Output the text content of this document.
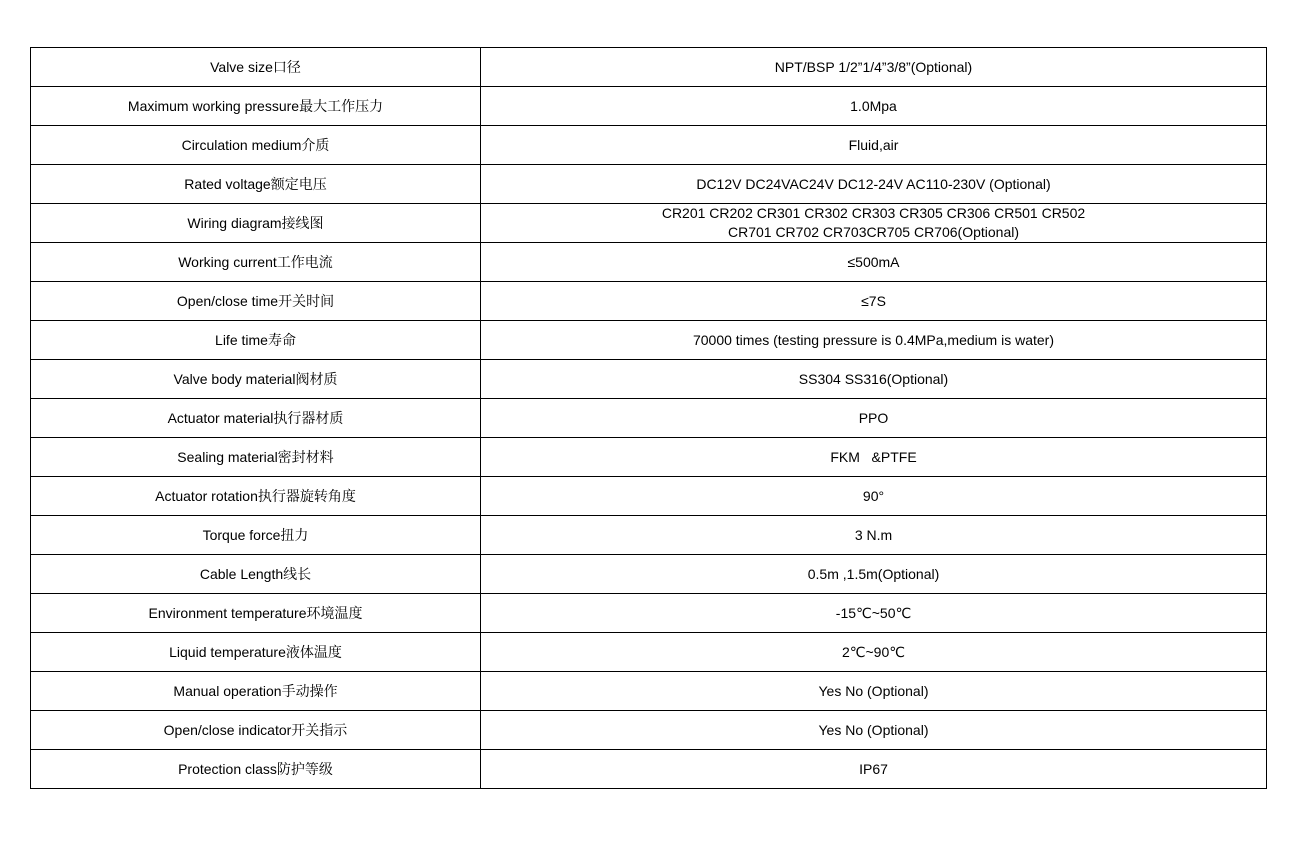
Valve size口径	NPT/BSP 1/2”1/4”3/8”(Optional)
Maximum working pressure最大工作压力	1.0Mpa
Circulation medium介质	Fluid,air
Rated voltage额定电压	DC12V DC24VAC24V DC12-24V AC110-230V (Optional)
Wiring diagram接线图	CR201 CR202 CR301 CR302 CR303 CR305 CR306 CR501 CR502
CR701 CR702 CR703CR705 CR706(Optional)

Working current工作电流	≤500mA
Open/close time开关时间	≤7S
Life time寿命	70000 times (testing pressure is 0.4MPa,medium is water)
Valve body material阀材质	SS304 SS316(Optional)
Actuator material执行器材质	PPO
Sealing material密封材料	FKM   &PTFE
Actuator rotation执行器旋转角度	90°
Torque force扭力	3 N.m
Cable Length线长	0.5m ,1.5m(Optional)
Environment temperature环境温度	-15℃~50℃
Liquid temperature液体温度	2℃~90℃
Manual operation手动操作	Yes No (Optional)
Open/close indicator开关指示	Yes No (Optional)
Protection class防护等级	IP67
